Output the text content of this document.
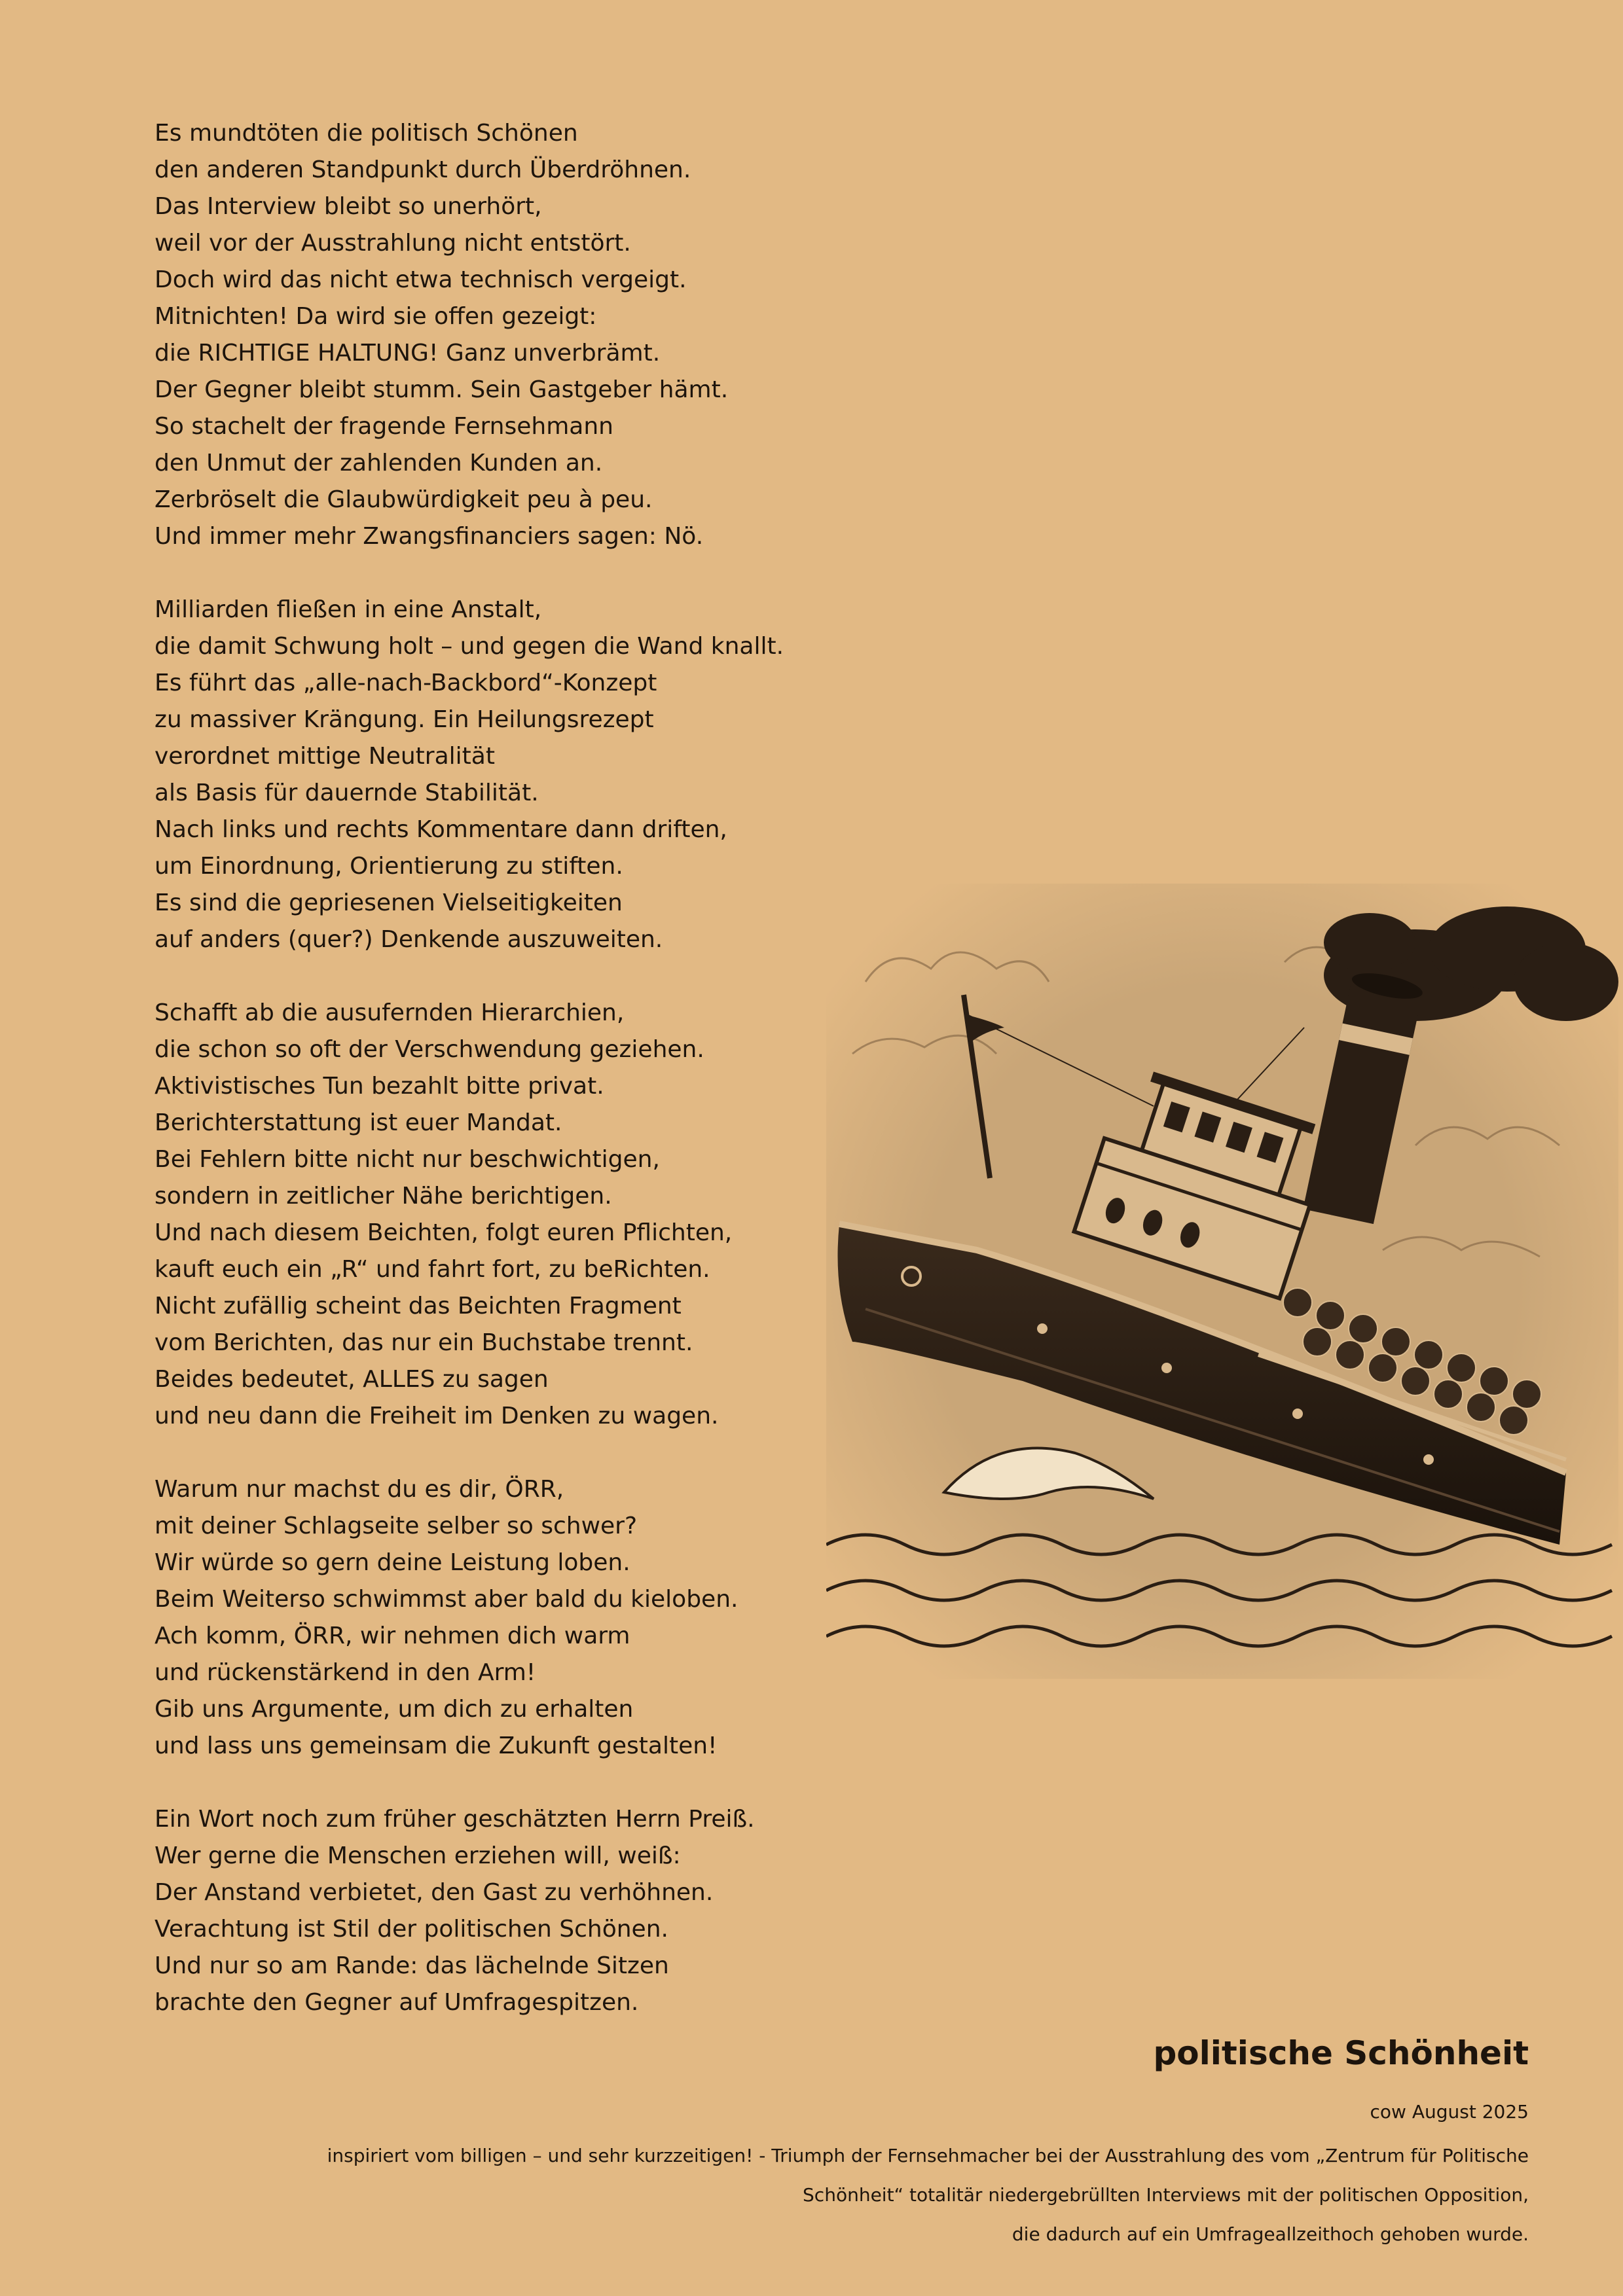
Es mundtöten die politisch Schönen
den anderen Standpunkt durch Überdröhnen.
Das Interview bleibt so unerhört,
weil vor der Ausstrahlung nicht entstört.
Doch wird das nicht etwa technisch vergeigt.
Mitnichten! Da wird sie offen gezeigt:
die RICHTIGE HALTUNG! Ganz unverbrämt.
Der Gegner bleibt stumm. Sein Gastgeber hämt.
So stachelt der fragende Fernsehmann
den Unmut der zahlenden Kunden an.
Zerbröselt die Glaubwürdigkeit peu à peu.
Und immer mehr Zwangsfinanciers sagen: Nö.
Milliarden fließen in eine Anstalt,
die damit Schwung holt – und gegen die Wand knallt.
Es führt das „alle-nach-Backbord“-Konzept
zu massiver Krängung. Ein Heilungsrezept
verordnet mittige Neutralität
als Basis für dauernde Stabilität.
Nach links und rechts Kommentare dann driften,
um Einordnung, Orientierung zu stiften.
Es sind die gepriesenen Vielseitigkeiten
auf anders (quer?) Denkende auszuweiten.
Schafft ab die ausufernden Hierarchien,
die schon so oft der Verschwendung geziehen.
Aktivistisches Tun bezahlt bitte privat.
Berichterstattung ist euer Mandat.
Bei Fehlern bitte nicht nur beschwichtigen,
sondern in zeitlicher Nähe berichtigen.
Und nach diesem Beichten, folgt euren Pflichten,
kauft euch ein „R“ und fahrt fort, zu beRichten.
Nicht zufällig scheint das Beichten Fragment
vom Berichten, das nur ein Buchstabe trennt.
Beides bedeutet, ALLES zu sagen
und neu dann die Freiheit im Denken zu wagen.
Warum nur machst du es dir, ÖRR,
mit deiner Schlagseite selber so schwer?
Wir würde so gern deine Leistung loben.
Beim Weiterso schwimmst aber bald du kieloben.
Ach komm, ÖRR, wir nehmen dich warm
und rückenstärkend in den Arm!
Gib uns Argumente, um dich zu erhalten
und lass uns gemeinsam die Zukunft gestalten!
Ein Wort noch zum früher geschätzten Herrn Preiß.
Wer gerne die Menschen erziehen will, weiß:
Der Anstand verbietet, den Gast zu verhöhnen.
Verachtung ist Stil der politischen Schönen.
Und nur so am Rande: das lächelnde Sitzen
brachte den Gegner auf Umfragespitzen.
politische Schönheit
cow August 2025
inspiriert vom billigen – und sehr kurzzeitigen! - Triumph der Fernsehmacher bei der Ausstrahlung des vom „Zentrum für Politische
Schönheit“ totalitär niedergebrüllten Interviews mit der politischen Opposition,
die dadurch auf ein Umfrageallzeithoch gehoben wurde.
